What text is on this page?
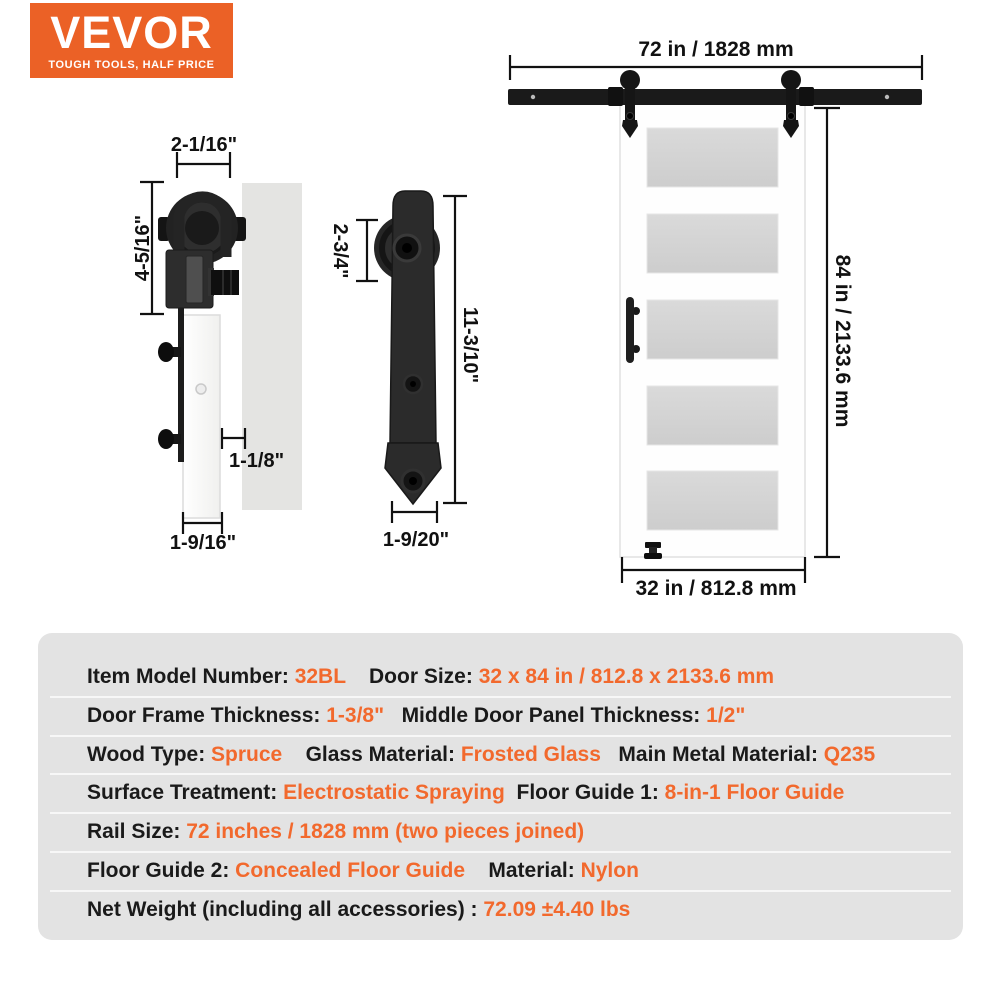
VEVOR
TOUGH TOOLS, HALF PRICE
2-1/16"
4-5/16"
1-1/8"
1-9/16"
2-3/4"
11-3/10"
1-9/20"
72 in / 1828 mm
84 in / 2133.6 mm
32 in / 812.8 mm
Item Model Number: 32BL    Door Size: 32 x 84 in / 812.8 x 2133.6 mm
Door Frame Thickness: 1-3/8"   Middle Door Panel Thickness: 1/2"
Wood Type: Spruce    Glass Material: Frosted Glass   Main Metal Material: Q235
Surface Treatment: Electrostatic Spraying  Floor Guide 1: 8-in-1 Floor Guide
Rail Size: 72 inches / 1828 mm (two pieces joined)
Floor Guide 2: Concealed Floor Guide    Material: Nylon
Net Weight (including all accessories) : 72.09 ±4.40 lbs
